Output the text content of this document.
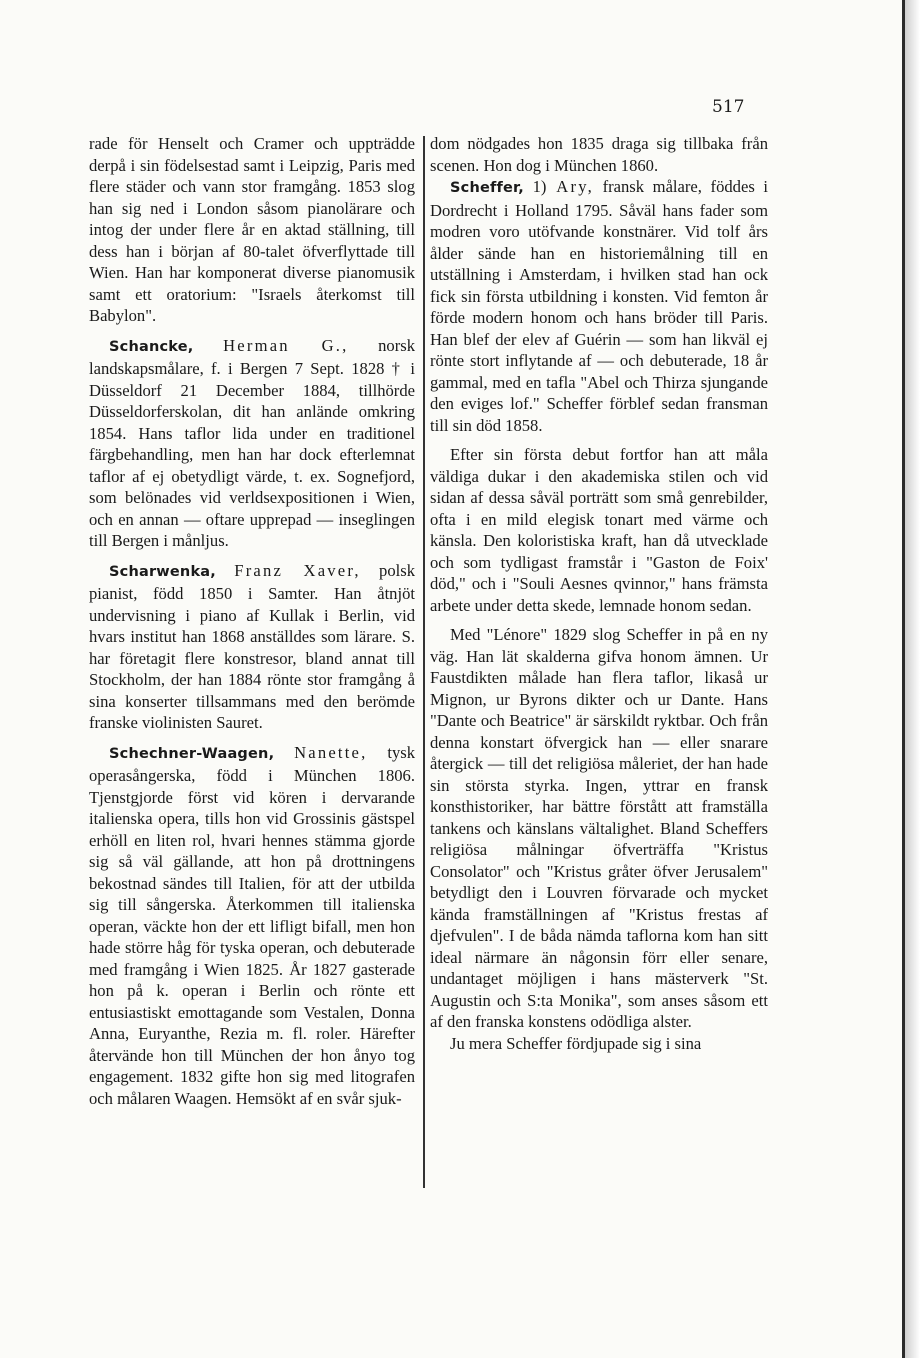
517

rade för Henselt och Cramer och uppträdde derpå i sin födelsestad samt i Leipzig, Paris med flere städer och vann stor framgång. 1853 slog han sig ned i London såsom pianolärare och intog der under flere år en aktad ställning, till dess han i början af 80-talet öfverflyttade till Wien. Han har komponerat diverse pianomusik samt ett oratorium: "Israels återkomst till Babylon".

Schancke, Herman G., norsk landskapsmålare, f. i Bergen 7 Sept. 1828 † i Düsseldorf 21 December 1884, tillhörde Düsseldorferskolan, dit han anlände omkring 1854. Hans taflor lida under en traditionel färgbehandling, men han har dock efterlemnat taflor af ej obetydligt värde, t. ex. Sognefjord, som belönades vid verldsexpositionen i Wien, och en annan — oftare upprepad — inseglingen till Bergen i månljus.

Scharwenka, Franz Xaver, polsk pianist, född 1850 i Samter. Han åtnjöt undervisning i piano af Kullak i Berlin, vid hvars institut han 1868 anställdes som lärare. S. har företagit flere konstresor, bland annat till Stockholm, der han 1884 rönte stor framgång å sina konserter tillsammans med den berömde franske violinisten Sauret.

Schechner-Waagen, Nanette, tysk operasångerska, född i München 1806. Tjenstgjorde först vid kören i dervarande italienska opera, tills hon vid Grossinis gästspel erhöll en liten rol, hvari hennes stämma gjorde sig så väl gällande, att hon på drottningens bekostnad sändes till Italien, för att der utbilda sig till sångerska. Återkommen till italienska operan, väckte hon der ett lifligt bifall, men hon hade större håg för tyska operan, och debuterade med framgång i Wien 1825. År 1827 gasterade hon på k. operan i Berlin och rönte ett entusiastiskt emottagande som Vestalen, Donna Anna, Euryanthe, Rezia m. fl. roler. Härefter återvände hon till München der hon ånyo tog engagement. 1832 gifte hon sig med litografen och målaren Waagen. Hemsökt af en svår sjuk-

dom nödgades hon 1835 draga sig tillbaka från scenen. Hon dog i München 1860.

Scheffer, 1) Ary, fransk målare, föddes i Dordrecht i Holland 1795. Såväl hans fader som modren voro utöfvande konstnärer. Vid tolf års ålder sände han en historiemålning till en utställning i Amsterdam, i hvilken stad han ock fick sin första utbildning i konsten. Vid femton år förde modern honom och hans bröder till Paris. Han blef der elev af Guérin — som han likväl ej rönte stort inflytande af — och debuterade, 18 år gammal, med en tafla "Abel och Thirza sjungande den eviges lof." Scheffer förblef sedan fransman till sin död 1858.

Efter sin första debut fortfor han att måla väldiga dukar i den akademiska stilen och vid sidan af dessa såväl porträtt som små genrebilder, ofta i en mild elegisk tonart med värme och känsla. Den koloristiska kraft, han då utvecklade och som tydligast framstår i "Gaston de Foix' död," och i "Souli Aesnes qvinnor," hans främsta arbete under detta skede, lemnade honom sedan.

Med "Lénore" 1829 slog Scheffer in på en ny väg. Han lät skalderna gifva honom ämnen. Ur Faustdikten målade han flera taflor, likaså ur Mignon, ur Byrons dikter och ur Dante. Hans "Dante och Beatrice" är särskildt ryktbar. Och från denna konstart öfvergick han — eller snarare återgick — till det religiösa måleriet, der han hade sin största styrka. Ingen, yttrar en fransk konsthistoriker, har bättre förstått att framställa tankens och känslans vältalighet. Bland Scheffers religiösa målningar öfverträffa "Kristus Consolator" och "Kristus gråter öfver Jerusalem" betydligt den i Louvren förvarade och mycket kända framställningen af "Kristus frestas af djefvulen". I de båda nämda taflorna kom han sitt ideal närmare än någonsin förr eller senare, undantaget möjligen i hans mästerverk "St. Augustin och S:ta Monika", som anses såsom ett af den franska konstens odödliga alster.

Ju mera Scheffer fördjupade sig i sina
